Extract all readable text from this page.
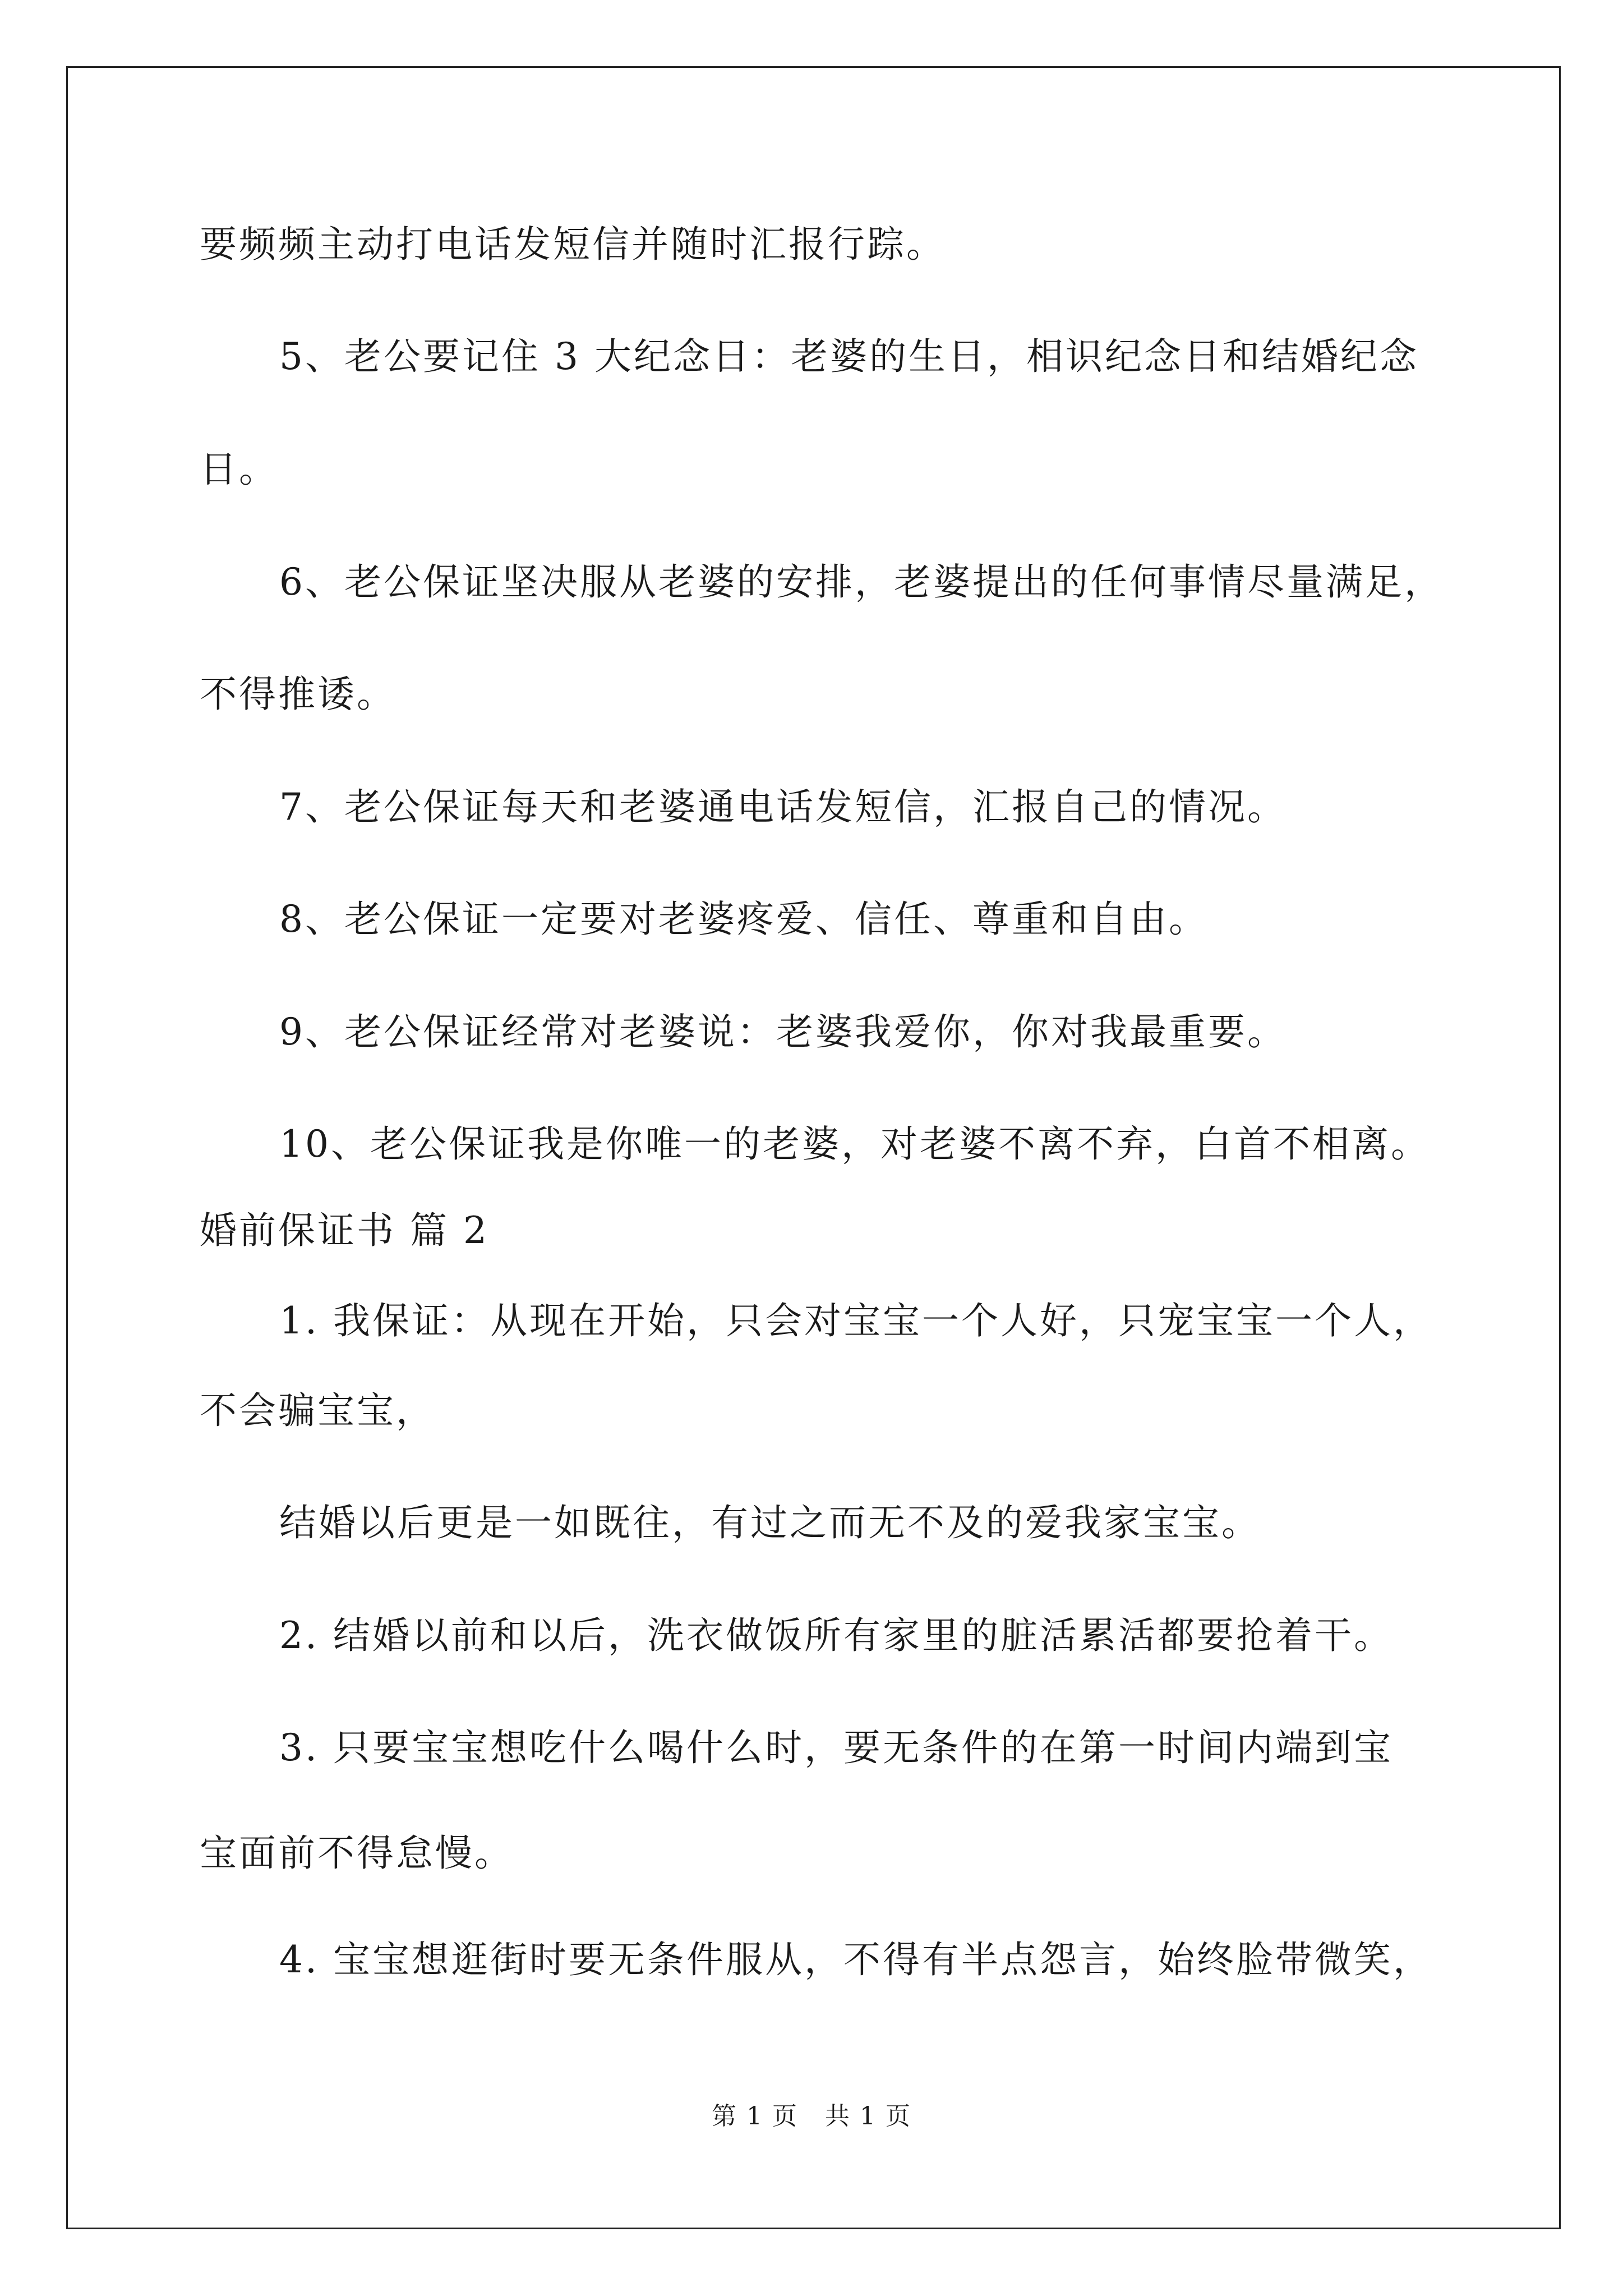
要频频主动打电话发短信并随时汇报行踪。
5、老公要记住 3 大纪念日：老婆的生日，相识纪念日和结婚纪念
日。
6、老公保证坚决服从老婆的安排，老婆提出的任何事情尽量满足，
不得推诿。
7、老公保证每天和老婆通电话发短信，汇报自己的情况。
8、老公保证一定要对老婆疼爱、信任、尊重和自由。
9、老公保证经常对老婆说：老婆我爱你，你对我最重要。
10、老公保证我是你唯一的老婆，对老婆不离不弃，白首不相离。
婚前保证书 篇 2
1. 我保证：从现在开始，只会对宝宝一个人好，只宠宝宝一个人，
不会骗宝宝，
结婚以后更是一如既往，有过之而无不及的爱我家宝宝。
2. 结婚以前和以后，洗衣做饭所有家里的脏活累活都要抢着干。
3. 只要宝宝想吃什么喝什么时，要无条件的在第一时间内端到宝
宝面前不得怠慢。
4. 宝宝想逛街时要无条件服从，不得有半点怨言，始终脸带微笑，
第 1 页 共 1 页
